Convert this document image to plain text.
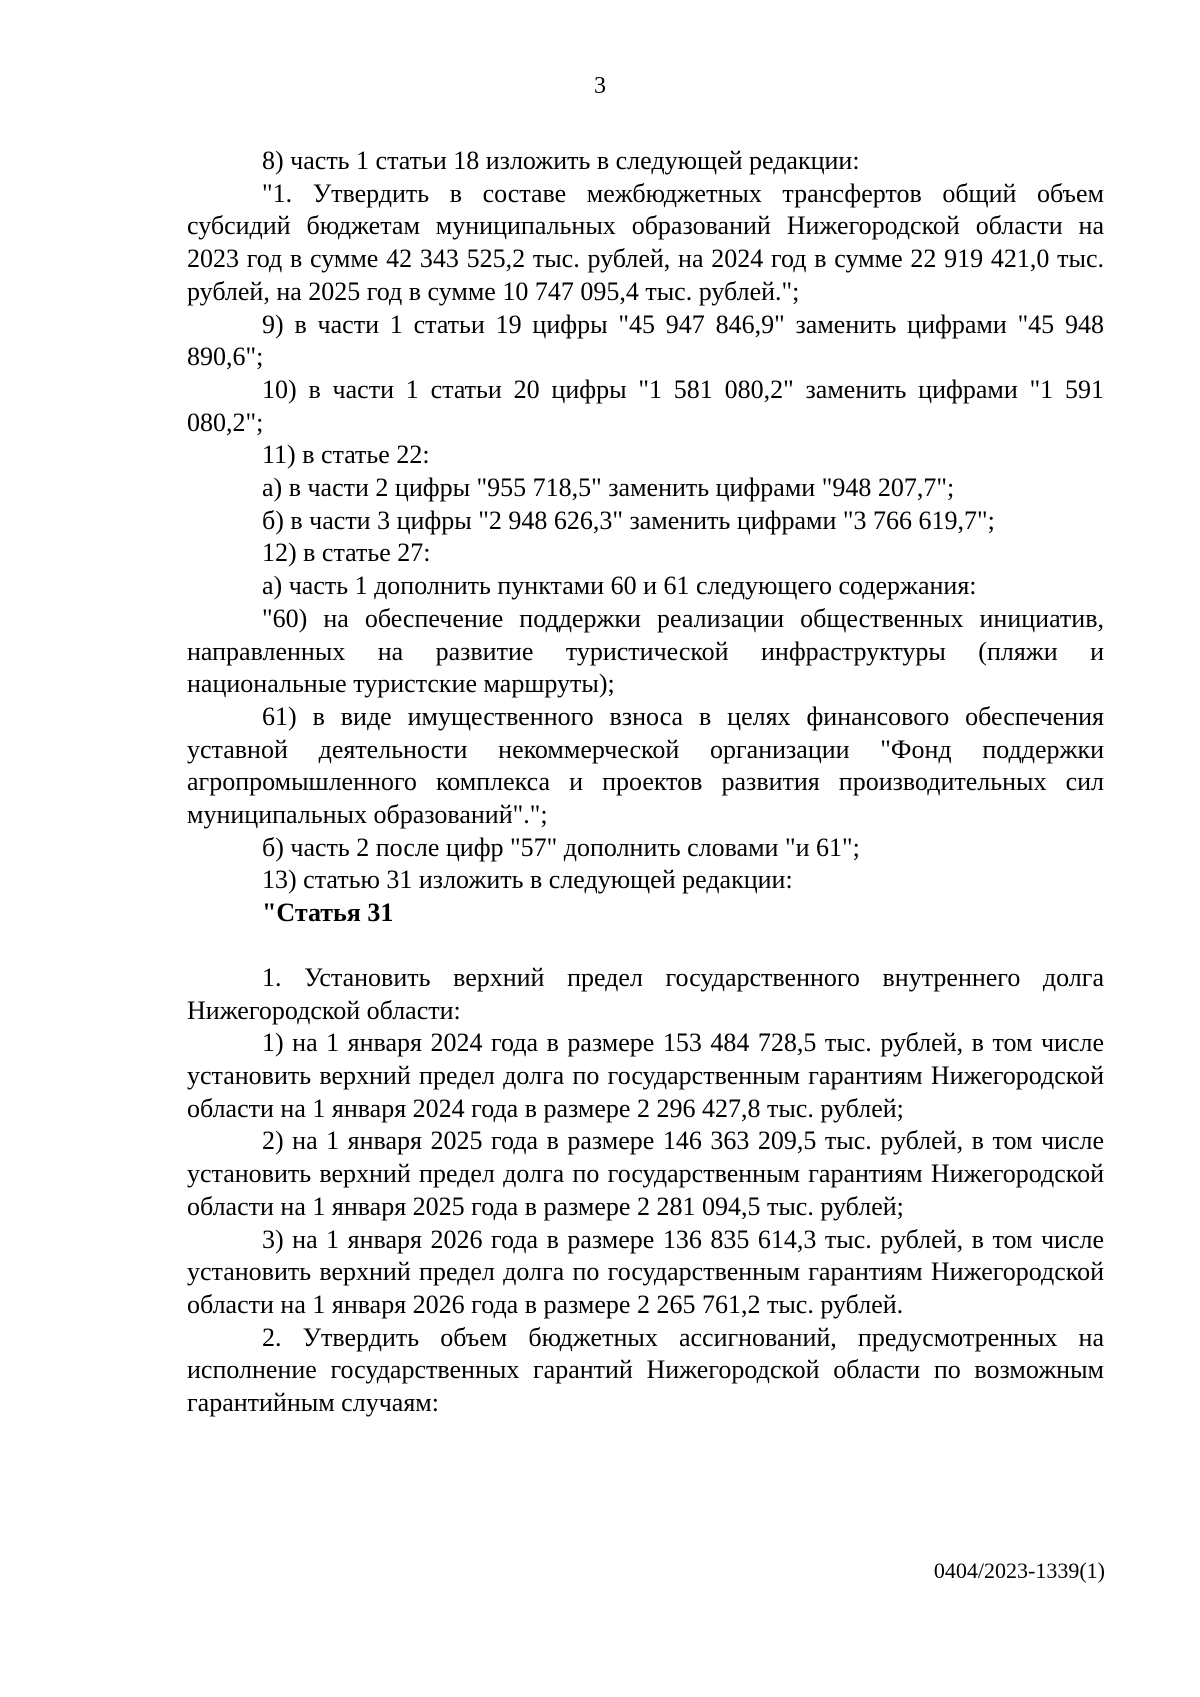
3

8) часть 1 статьи 18 изложить в следующей редакции:

"1. Утвердить в составе межбюджетных трансфертов общий объем субсидий бюджетам муниципальных образований Нижегородской области на 2023 год в сумме 42 343 525,2 тыс. рублей, на 2024 год в сумме 22 919 421,0 тыс. рублей, на 2025 год в сумме 10 747 095,4 тыс. рублей.";

9) в части 1 статьи 19 цифры "45 947 846,9" заменить цифрами "45 948 890,6";

10) в части 1 статьи 20 цифры "1 581 080,2" заменить цифрами "1 591 080,2";

11) в статье 22:

а) в части 2 цифры "955 718,5" заменить цифрами "948 207,7";

б) в части 3 цифры "2 948 626,3" заменить цифрами "3 766 619,7";

12) в статье 27:

а) часть 1 дополнить пунктами 60 и 61 следующего содержания:

"60) на обеспечение поддержки реализации общественных инициатив, направленных на развитие туристической инфраструктуры (пляжи и национальные туристские маршруты);

61) в виде имущественного взноса в целях финансового обеспечения уставной деятельности некоммерческой организации "Фонд поддержки агропромышленного комплекса и проектов развития производительных сил муниципальных образований".";

б) часть 2 после цифр "57" дополнить словами "и 61";

13) статью 31 изложить в следующей редакции:

"Статья 31

1. Установить верхний предел государственного внутреннего долга Нижегородской области:

1) на 1 января 2024 года в размере 153 484 728,5 тыс. рублей, в том числе установить верхний предел долга по государственным гарантиям Нижегородской области на 1 января 2024 года в размере 2 296 427,8 тыс. рублей;

2) на 1 января 2025 года в размере 146 363 209,5 тыс. рублей, в том числе установить верхний предел долга по государственным гарантиям Нижегородской области на 1 января 2025 года в размере 2 281 094,5 тыс. рублей;

3) на 1 января 2026 года в размере 136 835 614,3 тыс. рублей, в том числе установить верхний предел долга по государственным гарантиям Нижегородской области на 1 января 2026 года в размере 2 265 761,2 тыс. рублей.

2. Утвердить объем бюджетных ассигнований, предусмотренных на исполнение государственных гарантий Нижегородской области по возможным гарантийным случаям:

0404/2023-1339(1)
